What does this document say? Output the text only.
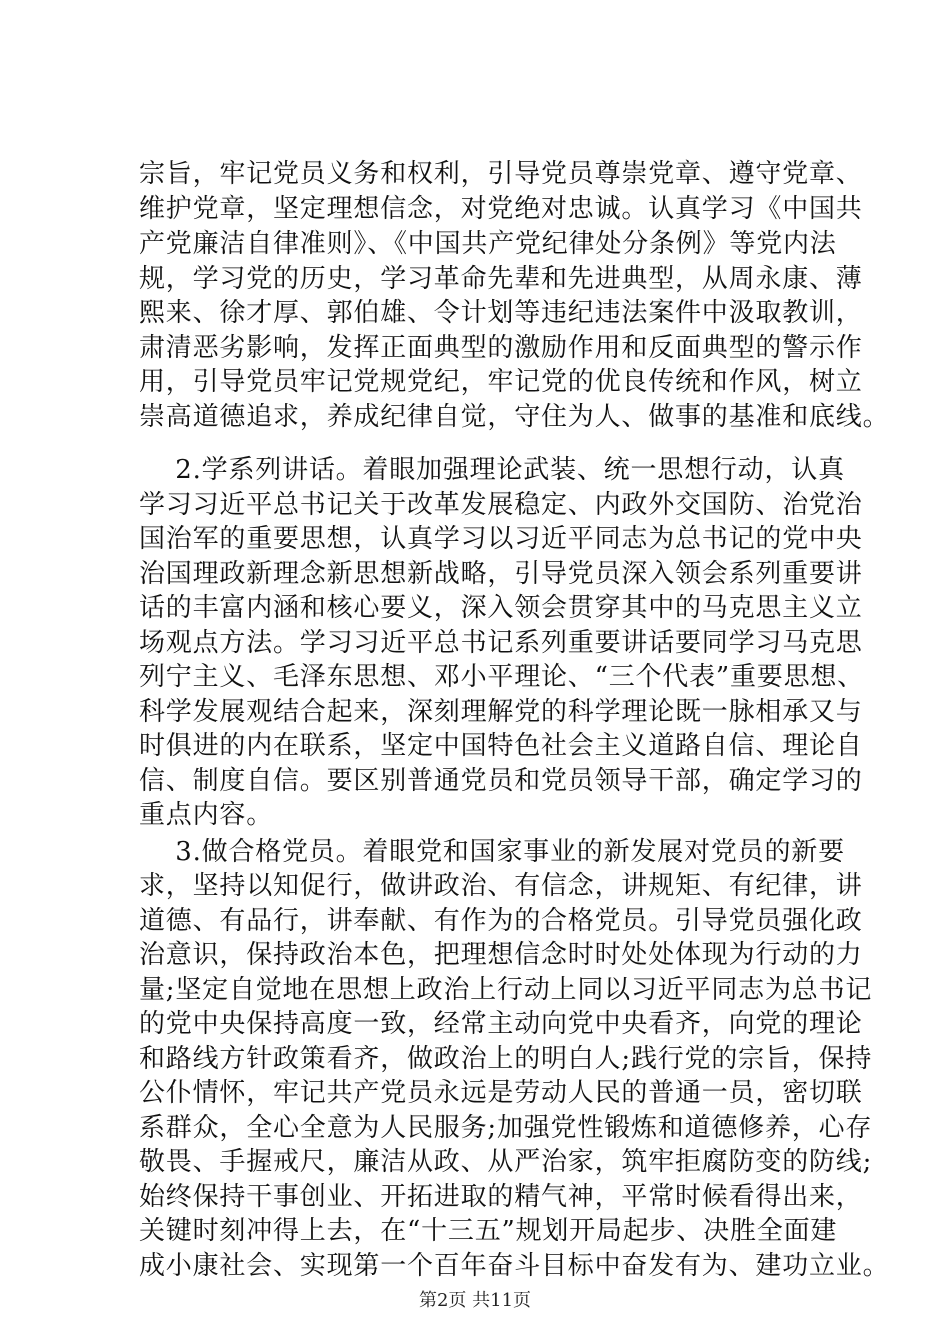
宗旨，牢记党员义务和权利，引导党员尊崇党章、遵守党章、
维护党章，坚定理想信念，对党绝对忠诚。认真学习《中国共
产党廉洁自律准则》、《中国共产党纪律处分条例》等党内法
规，学习党的历史，学习革命先辈和先进典型，从周永康、薄
熙来、徐才厚、郭伯雄、令计划等违纪违法案件中汲取教训，
肃清恶劣影响，发挥正面典型的激励作用和反面典型的警示作
用，引导党员牢记党规党纪，牢记党的优良传统和作风，树立
崇高道德追求，养成纪律自觉，守住为人、做事的基准和底线。
2.学系列讲话。着眼加强理论武装、统一思想行动，认真
学习习近平总书记关于改革发展稳定、内政外交国防、治党治
国治军的重要思想，认真学习以习近平同志为总书记的党中央
治国理政新理念新思想新战略，引导党员深入领会系列重要讲
话的丰富内涵和核心要义，深入领会贯穿其中的马克思主义立
场观点方法。学习习近平总书记系列重要讲话要同学习马克思
列宁主义、毛泽东思想、邓小平理论、“三个代表”重要思想、
科学发展观结合起来，深刻理解党的科学理论既一脉相承又与
时俱进的内在联系，坚定中国特色社会主义道路自信、理论自
信、制度自信。要区别普通党员和党员领导干部，确定学习的
重点内容。
3.做合格党员。着眼党和国家事业的新发展对党员的新要
求，坚持以知促行，做讲政治、有信念，讲规矩、有纪律，讲
道德、有品行，讲奉献、有作为的合格党员。引导党员强化政
治意识，保持政治本色，把理想信念时时处处体现为行动的力
量;坚定自觉地在思想上政治上行动上同以习近平同志为总书记
的党中央保持高度一致，经常主动向党中央看齐，向党的理论
和路线方针政策看齐，做政治上的明白人;践行党的宗旨，保持
公仆情怀，牢记共产党员永远是劳动人民的普通一员，密切联
系群众，全心全意为人民服务;加强党性锻炼和道德修养，心存
敬畏、手握戒尺，廉洁从政、从严治家，筑牢拒腐防变的防线;
始终保持干事创业、开拓进取的精气神，平常时候看得出来，
关键时刻冲得上去，在“十三五”规划开局起步、决胜全面建
成小康社会、实现第一个百年奋斗目标中奋发有为、建功立业。
第2页 共11页
